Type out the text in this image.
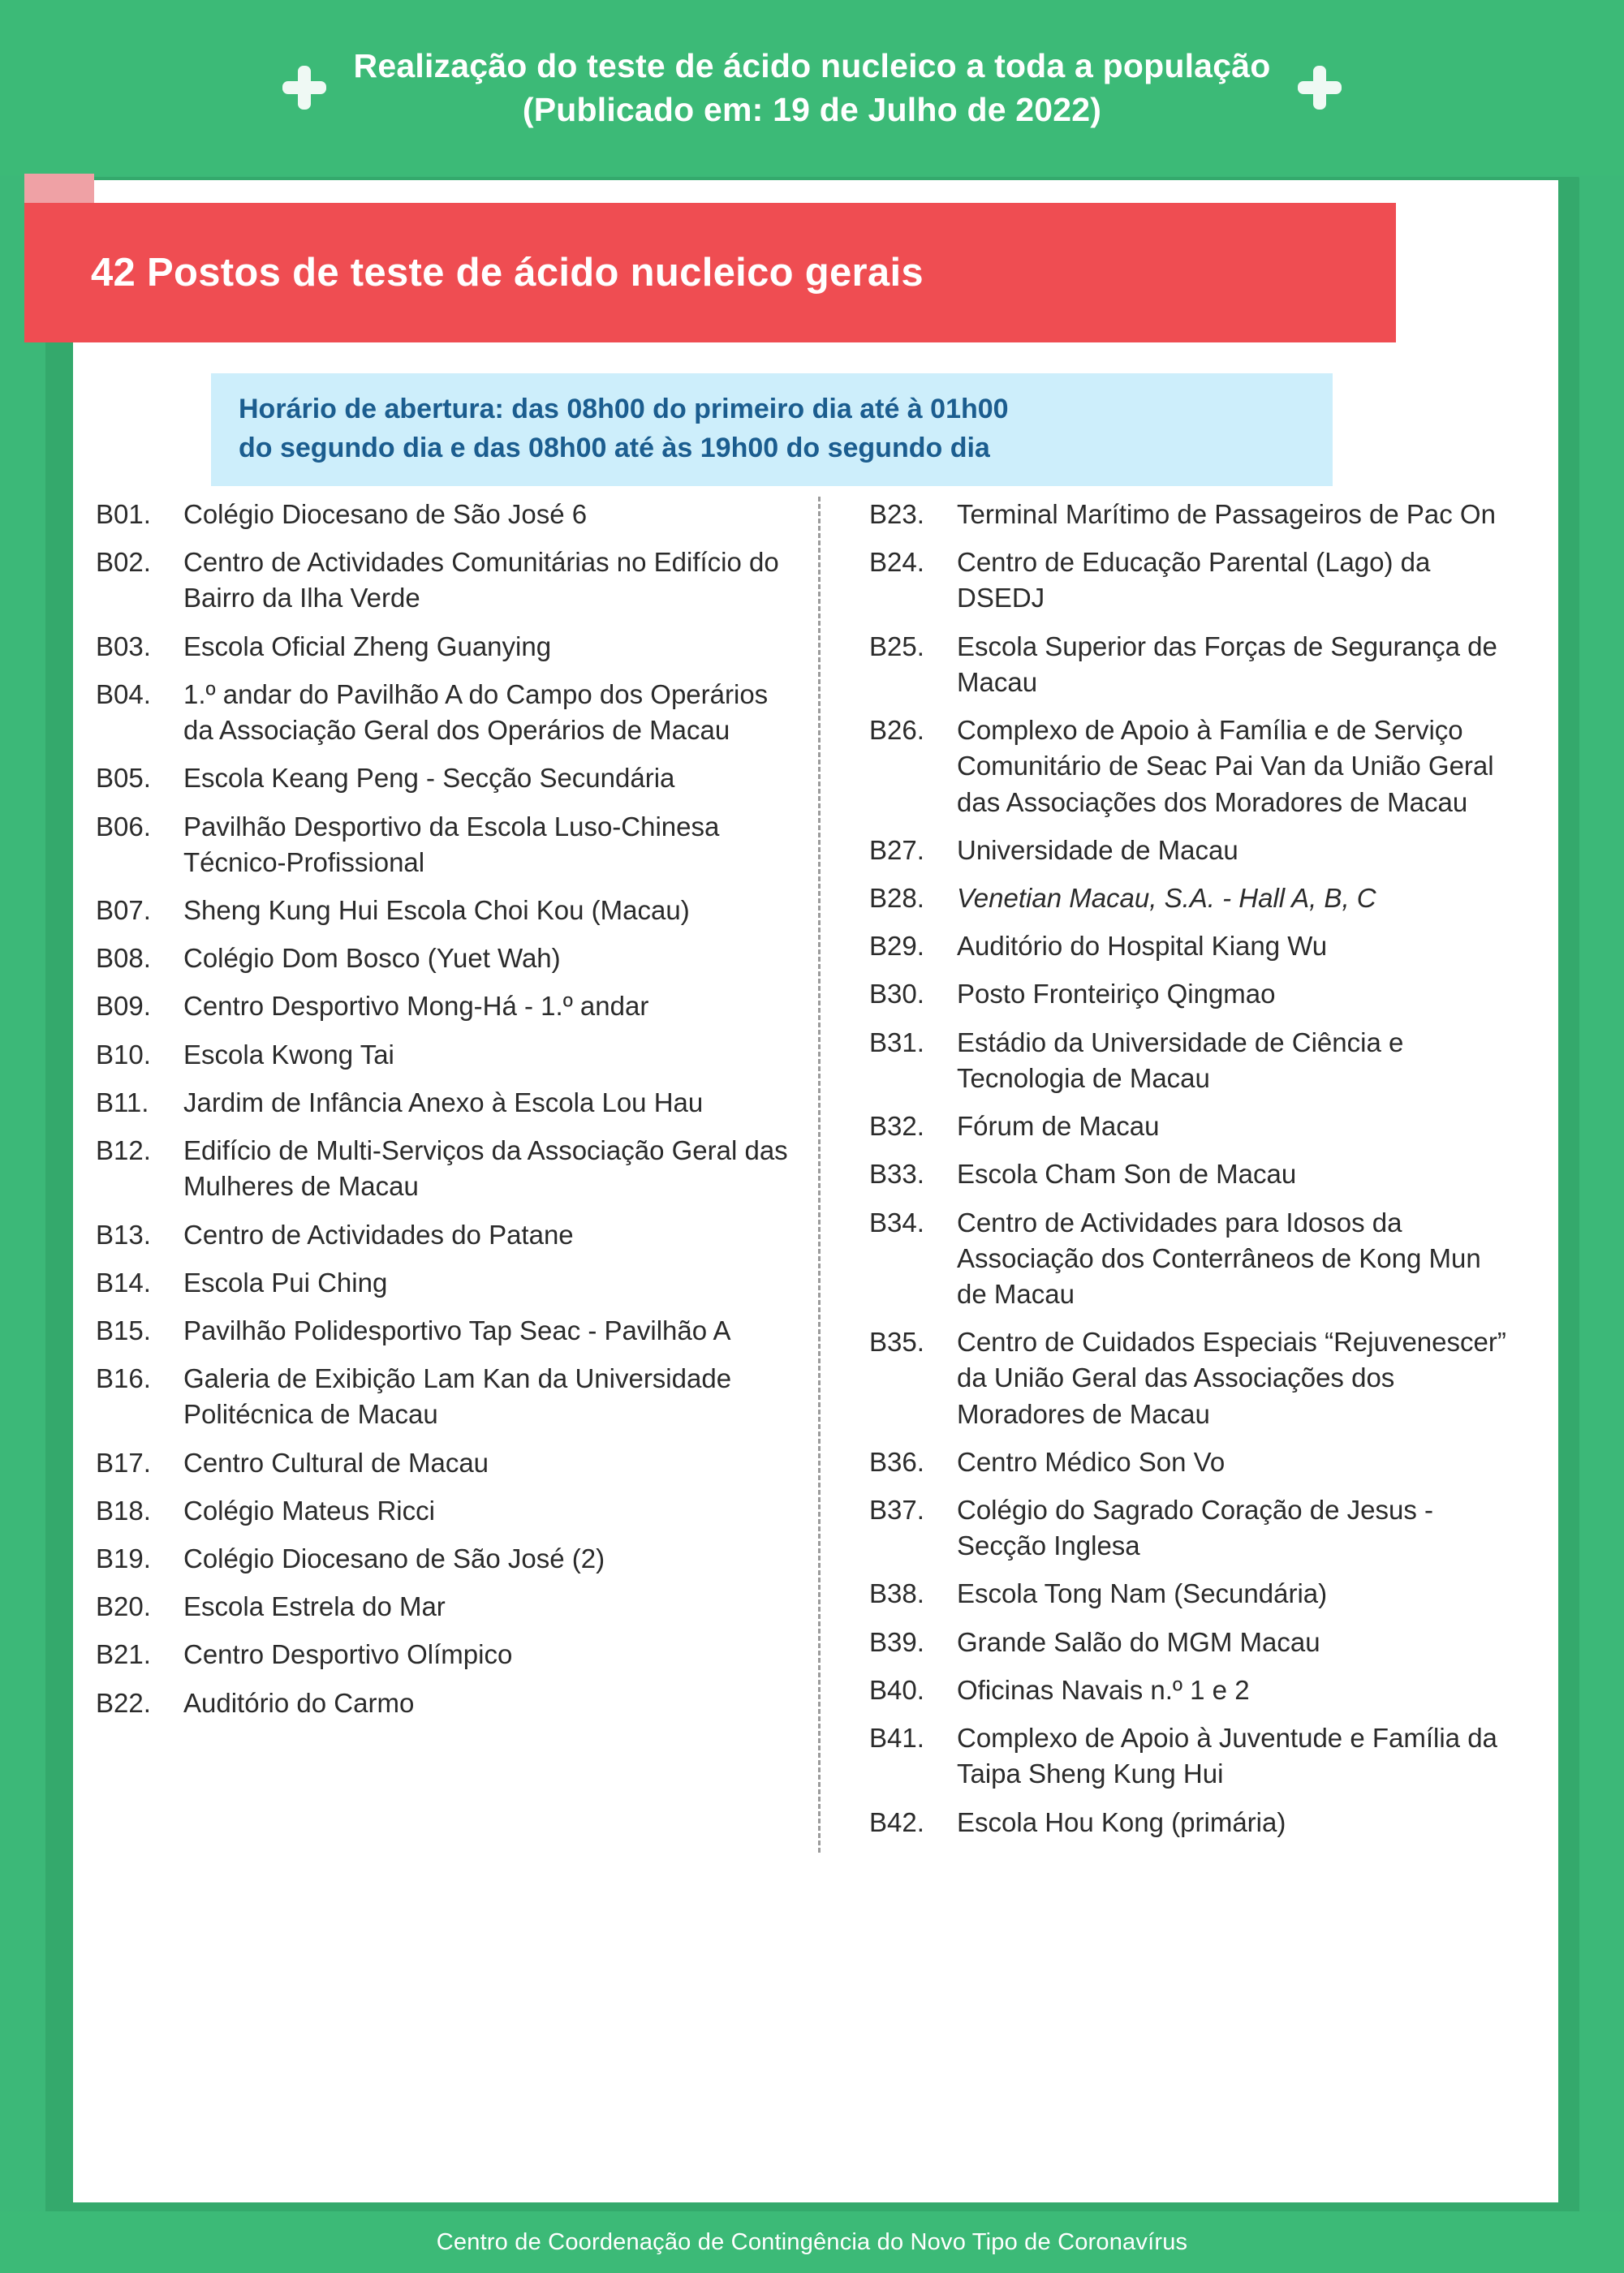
Realização do teste de ácido nucleico a toda a população
(Publicado em: 19 de Julho de 2022)
42 Postos de teste de ácido nucleico gerais
Horário de abertura: das 08h00 do primeiro dia até à 01h00
do segundo dia e das 08h00 até às 19h00 do segundo dia
B01.	Colégio Diocesano de São José 6
B02.	Centro de Actividades Comunitárias no Edifício do Bairro da Ilha Verde
B03.	Escola Oficial Zheng Guanying
B04.	1.º andar do Pavilhão A do Campo dos Operários da Associação Geral dos Operários de Macau
B05.	Escola Keang Peng - Secção Secundária
B06.	Pavilhão Desportivo da Escola Luso-Chinesa Técnico-Profissional
B07.	Sheng Kung Hui Escola Choi Kou (Macau)
B08.	Colégio Dom Bosco (Yuet Wah)
B09.	Centro Desportivo Mong-Há - 1.º andar
B10.	Escola Kwong Tai
B11.	Jardim de Infância Anexo à Escola Lou Hau
B12.	Edifício de Multi-Serviços da Associação Geral das Mulheres de Macau
B13.	Centro de Actividades do Patane
B14.	Escola Pui Ching
B15.	Pavilhão Polidesportivo Tap Seac - Pavilhão A
B16.	Galeria de Exibição Lam Kan da Universidade Politécnica de Macau
B17.	Centro Cultural de Macau
B18.	Colégio Mateus Ricci
B19.	Colégio Diocesano de São José (2)
B20.	Escola Estrela do Mar
B21.	Centro Desportivo Olímpico
B22.	Auditório do Carmo
B23.	Terminal Marítimo de Passageiros de Pac On
B24.	Centro de Educação Parental (Lago) da DSEDJ
B25.	Escola Superior das Forças de Segurança de Macau
B26.	Complexo de Apoio à Família e de Serviço Comunitário de Seac Pai Van da União Geral das Associações dos Moradores de Macau
B27.	Universidade de Macau
B28.	Venetian Macau, S.A. - Hall A, B, C
B29.	Auditório do Hospital Kiang Wu
B30.	Posto Fronteiriço Qingmao
B31.	Estádio da Universidade de Ciência e Tecnologia de Macau
B32.	Fórum de Macau
B33.	Escola Cham Son de Macau
B34.	Centro de Actividades para Idosos da Associação dos Conterrâneos de Kong Mun de Macau
B35.	Centro de Cuidados Especiais “Rejuvenescer” da União Geral das Associações dos Moradores de Macau
B36.	Centro Médico Son Vo
B37.	Colégio do Sagrado Coração de Jesus - Secção Inglesa
B38.	Escola Tong Nam (Secundária)
B39.	Grande Salão do MGM Macau
B40.	Oficinas Navais n.º 1 e 2
B41.	Complexo de Apoio à Juventude e Família da Taipa Sheng Kung Hui
B42.	Escola Hou Kong (primária)
Centro de Coordenação de Contingência do Novo Tipo de Coronavírus
